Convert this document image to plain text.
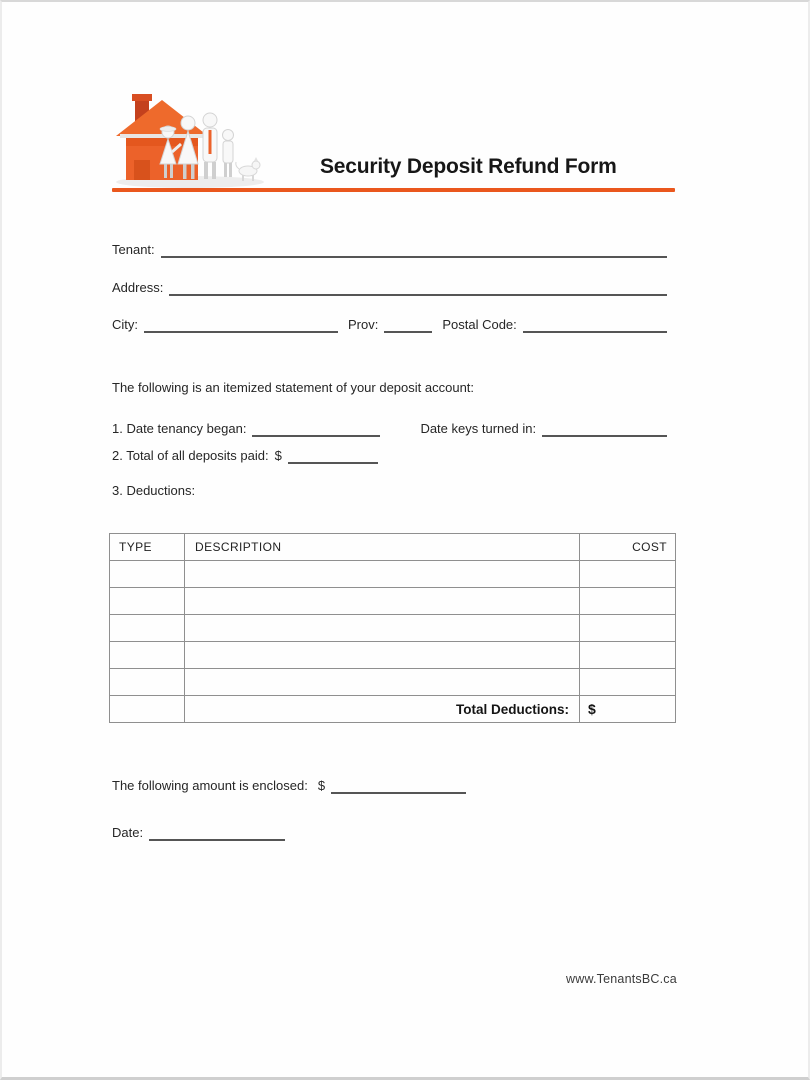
Security Deposit Refund Form
Tenant:
Address:
City:	Prov:	Postal Code:
The following is an itemized statement of your deposit account:
1. Date tenancy began:	Date keys turned in:
2. Total of all deposits paid: $
3. Deductions:
TYPE	DESCRIPTION	COST

	Total Deductions:	$
The following amount is enclosed: $
Date:
www.TenantsBC.ca
